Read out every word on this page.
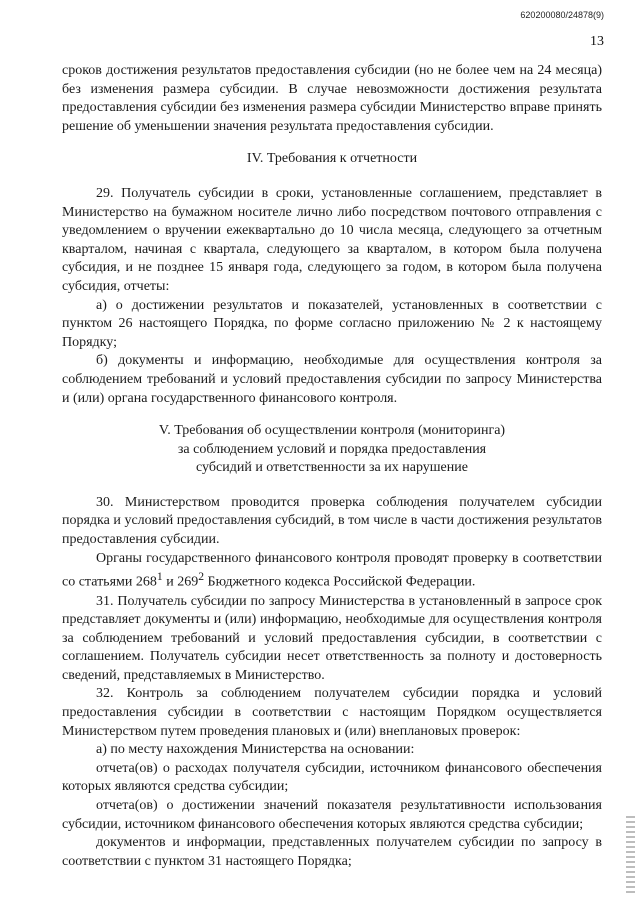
620200080/24878(9)
13

сроков достижения результатов предоставления субсидии (но не более чем на 24 месяца) без изменения размера субсидии. В случае невозможности достижения результата предоставления субсидии без изменения размера субсидии Министерство вправе принять решение об уменьшении значения результата предоставления субсидии.

IV. Требования к отчетности

29. Получатель субсидии в сроки, установленные соглашением, представляет в Министерство на бумажном носителе лично либо посредством почтового отправления с уведомлением о вручении ежеквартально до 10 числа месяца, следующего за отчетным кварталом, начиная с квартала, следующего за кварталом, в котором была получена субсидия, и не позднее 15 января года, следующего за годом, в котором была получена субсидия, отчеты:

а) о достижении результатов и показателей, установленных в соответствии с пунктом 26 настоящего Порядка, по форме согласно приложению № 2 к настоящему Порядку;

б) документы и информацию, необходимые для осуществления контроля за соблюдением требований и условий предоставления субсидии по запросу Министерства и (или) органа государственного финансового контроля.

V. Требования об осуществлении контроля (мониторинга)
за соблюдением условий и порядка предоставления
субсидий и ответственности за их нарушение

30. Министерством проводится проверка соблюдения получателем субсидии порядка и условий предоставления субсидий, в том числе в части достижения результатов предоставления субсидии.

Органы государственного финансового контроля проводят проверку в соответствии со статьями $268^1$ и $269^2$ Бюджетного кодекса Российской Федерации.

31. Получатель субсидии по запросу Министерства в установленный в запросе срок представляет документы и (или) информацию, необходимые для осуществления контроля за соблюдением требований и условий предоставления субсидии, в соответствии с соглашением. Получатель субсидии несет ответственность за полноту и достоверность сведений, представляемых в Министерство.

32. Контроль за соблюдением получателем субсидии порядка и условий предоставления субсидии в соответствии с настоящим Порядком осуществляется Министерством путем проведения плановых и (или) внеплановых проверок:

а) по месту нахождения Министерства на основании:

отчета(ов) о расходах получателя субсидии, источником финансового обеспечения которых являются средства субсидии;

отчета(ов) о достижении значений показателя результативности использования субсидии, источником финансового обеспечения которых являются средства субсидии;

документов и информации, представленных получателем субсидии по запросу в соответствии с пунктом 31 настоящего Порядка;
